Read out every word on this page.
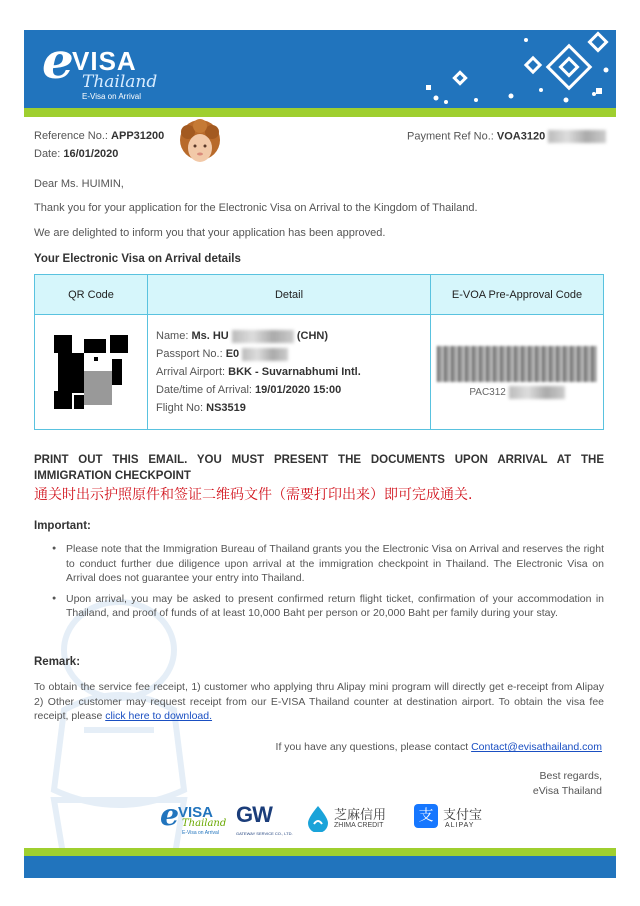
e
VISA
Thailand
E-Visa on Arrival
Reference No.: APP31200
Date: 16/01/2020
Payment Ref No.: VOA3120
Dear Ms. HUIMIN,
Thank you for your application for the Electronic Visa on Arrival to the Kingdom of Thailand.
We are delighted to inform you that your application has been approved.
Your Electronic Visa on Arrival details
QR Code	Detail	E-VOA Pre-Approval Code

	Name: Ms. HU (CHN)
Passport No.: E0
Arrival Airport: BKK - Suvarnabhumi Intl.
Date/time of Arrival: 19/01/2020 15:00
Flight No: NS3519	PAC312
PRINT OUT THIS EMAIL. YOU MUST PRESENT THE DOCUMENTS UPON ARRIVAL AT THE IMMIGRATION CHECKPOINT
通关时出示护照原件和签证二维码文件（需要打印出来）即可完成通关.
Important:
● Please note that the Immigration Bureau of Thailand grants you the Electronic Visa on Arrival and reserves the right to conduct further due diligence upon arrival at the immigration checkpoint in Thailand. The Electronic Visa on Arrival does not guarantee your entry into Thailand.
● Upon arrival, you may be asked to present confirmed return flight ticket, confirmation of your accommodation in Thailand, and proof of funds of at least 10,000 Baht per person or 20,000 Baht per family during your stay.
Remark:
To obtain the service fee receipt, 1) customer who applying thru Alipay mini program will directly get e-receipt from Alipay 2) Other customer may request receipt from our E-VISA Thailand counter at destination airport. To obtain the visa fee receipt, please click here to download.
If you have any questions, please contact Contact@evisathailand.com
Best regards,
eVisa Thailand
e
VISA
Thailand
E-Visa on Arrival
GW
GATEWAY SERVICE CO., LTD.
芝麻信用
ZHIMA CREDIT
支 支付宝
ALIPAY
